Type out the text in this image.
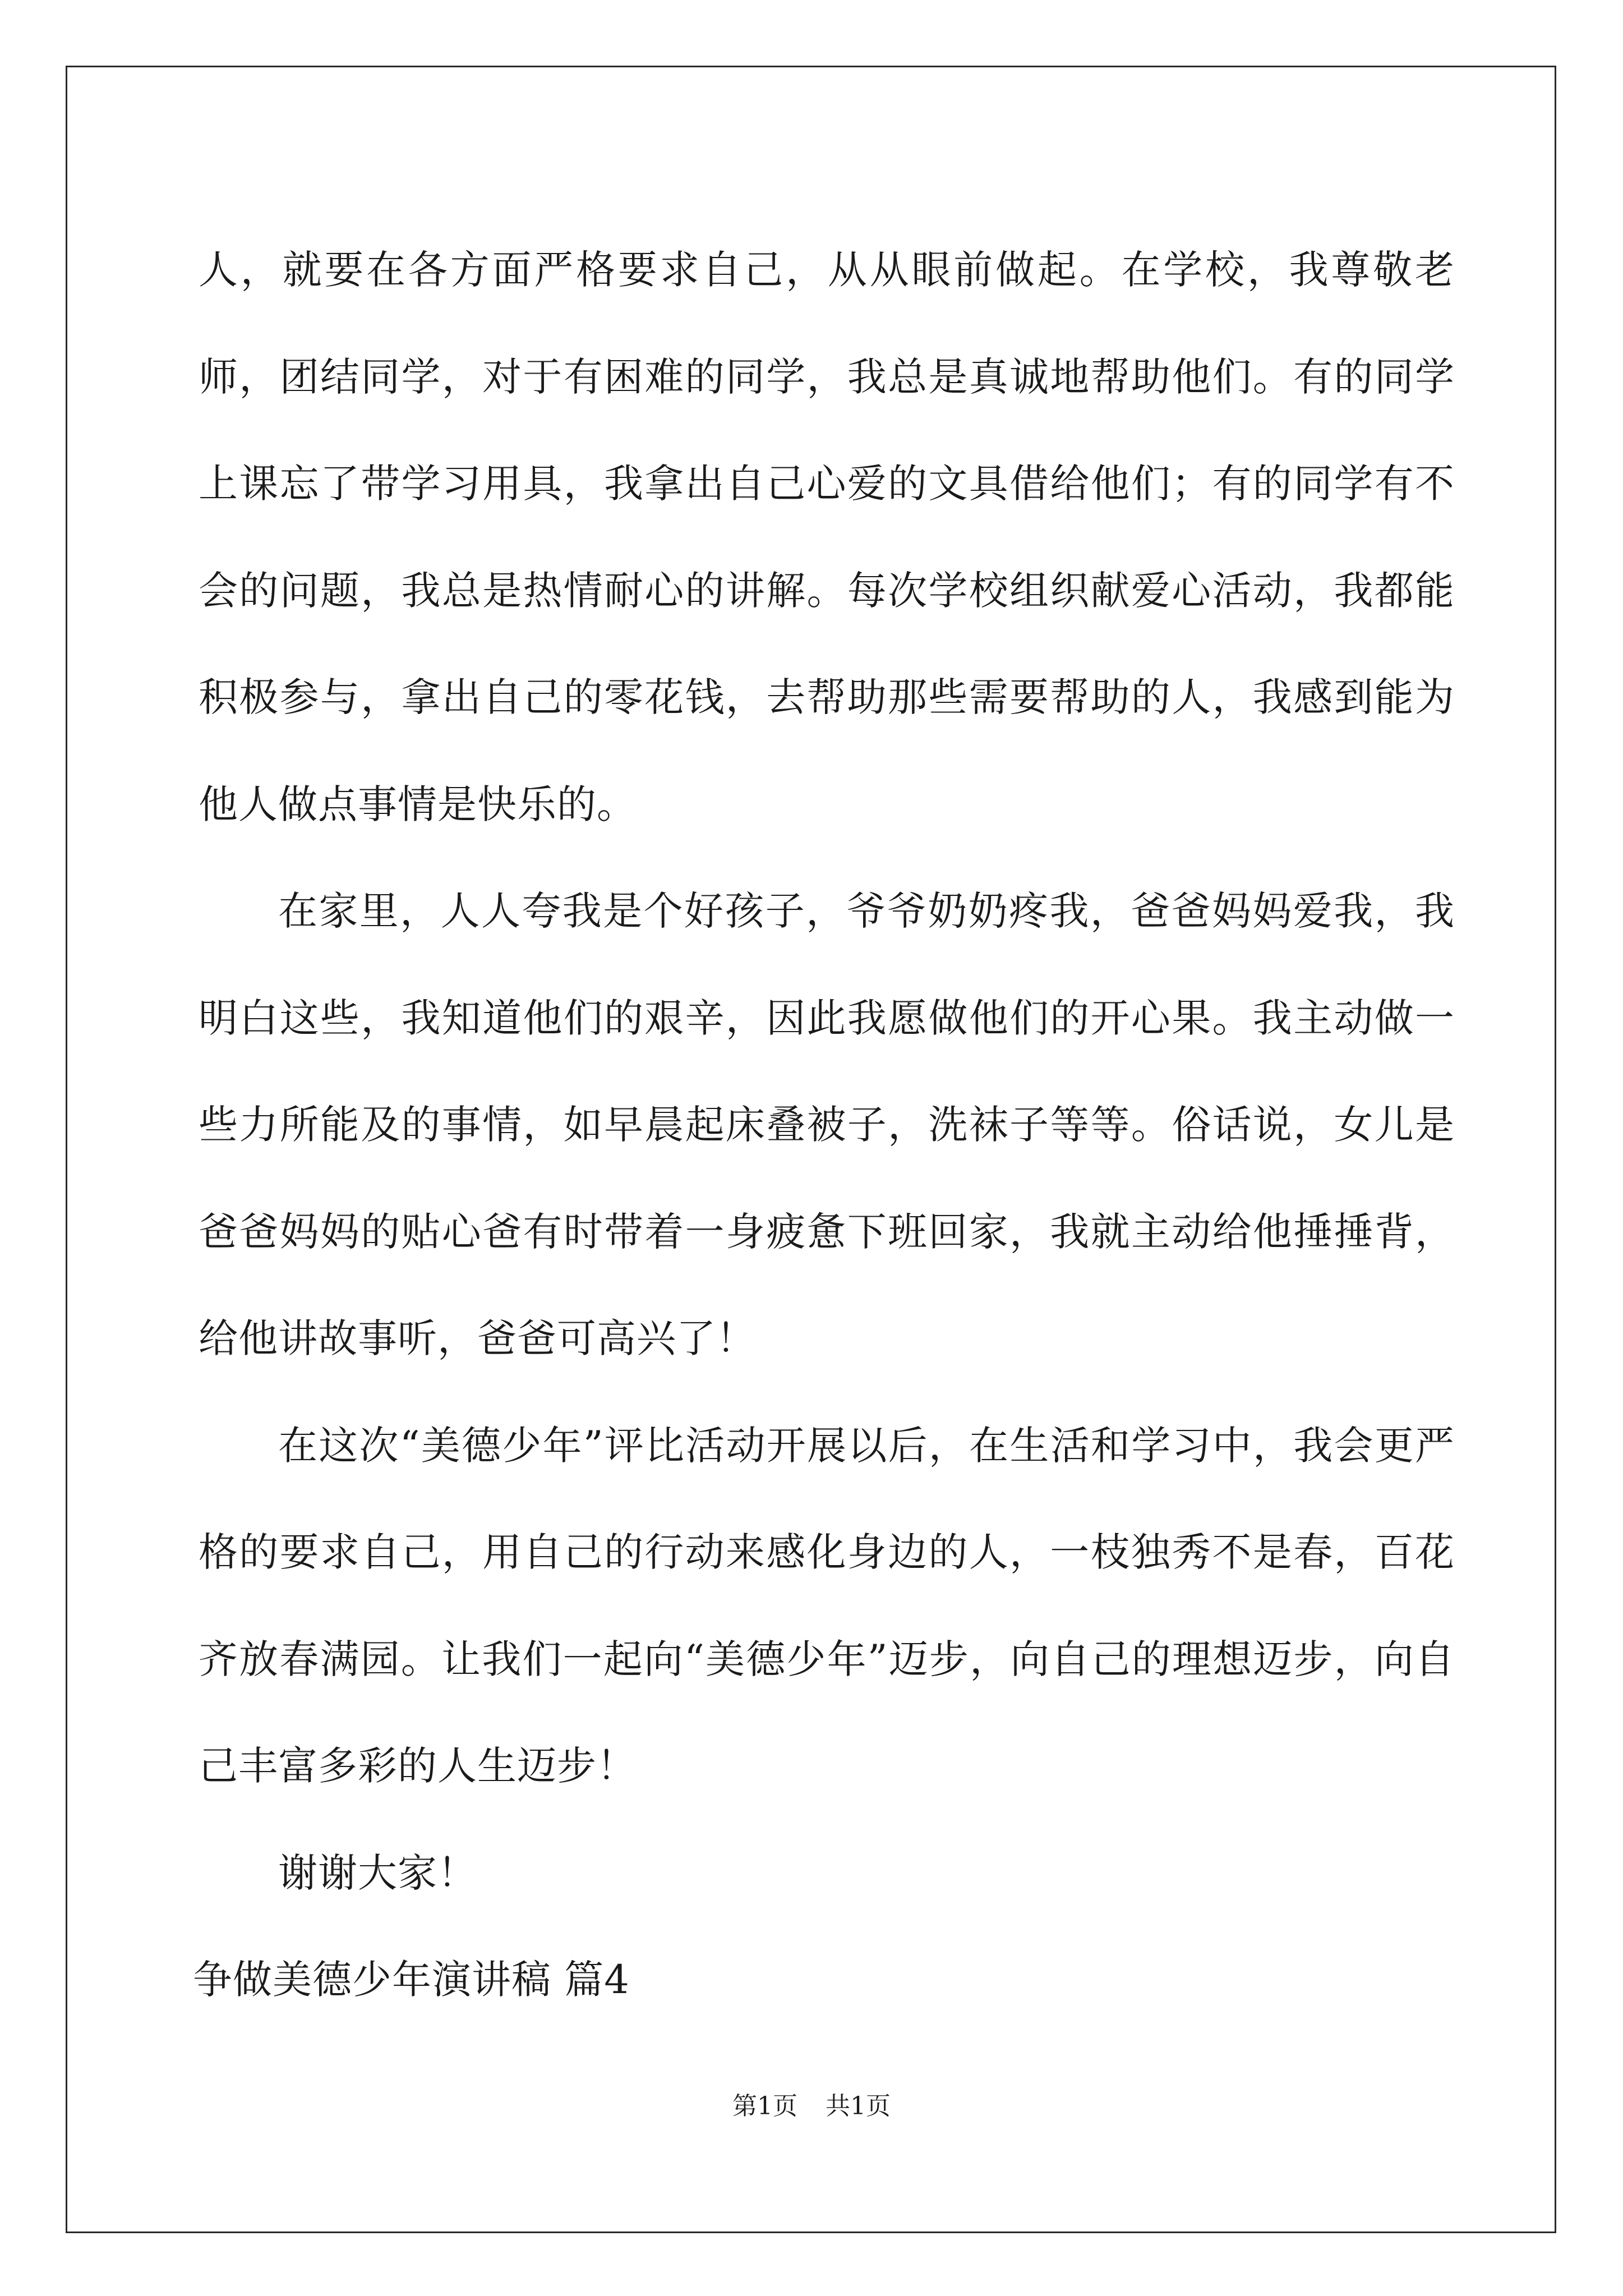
人，就要在各方面严格要求自己，从从眼前做起。在学校，我尊敬老师，团结同学，对于有困难的同学，我总是真诚地帮助他们。有的同学上课忘了带学习用具，我拿出自己心爱的文具借给他们；有的同学有不会的问题，我总是热情耐心的讲解。每次学校组织献爱心活动，我都能积极参与，拿出自己的零花钱，去帮助那些需要帮助的人，我感到能为他人做点事情是快乐的。

在家里，人人夸我是个好孩子，爷爷奶奶疼我，爸爸妈妈爱我，我明白这些，我知道他们的艰辛，因此我愿做他们的开心果。我主动做一些力所能及的事情，如早晨起床叠被子，洗袜子等等。俗话说，女儿是爸爸妈妈的贴心爸有时带着一身疲惫下班回家，我就主动给他捶捶背，给他讲故事听，爸爸可高兴了！

在这次“美德少年”评比活动开展以后，在生活和学习中，我会更严格的要求自己，用自己的行动来感化身边的人，一枝独秀不是春，百花齐放春满园。让我们一起向“美德少年”迈步，向自己的理想迈步，向自己丰富多彩的人生迈步！

谢谢大家！

争做美德少年演讲稿 篇4

第1页 共1页
